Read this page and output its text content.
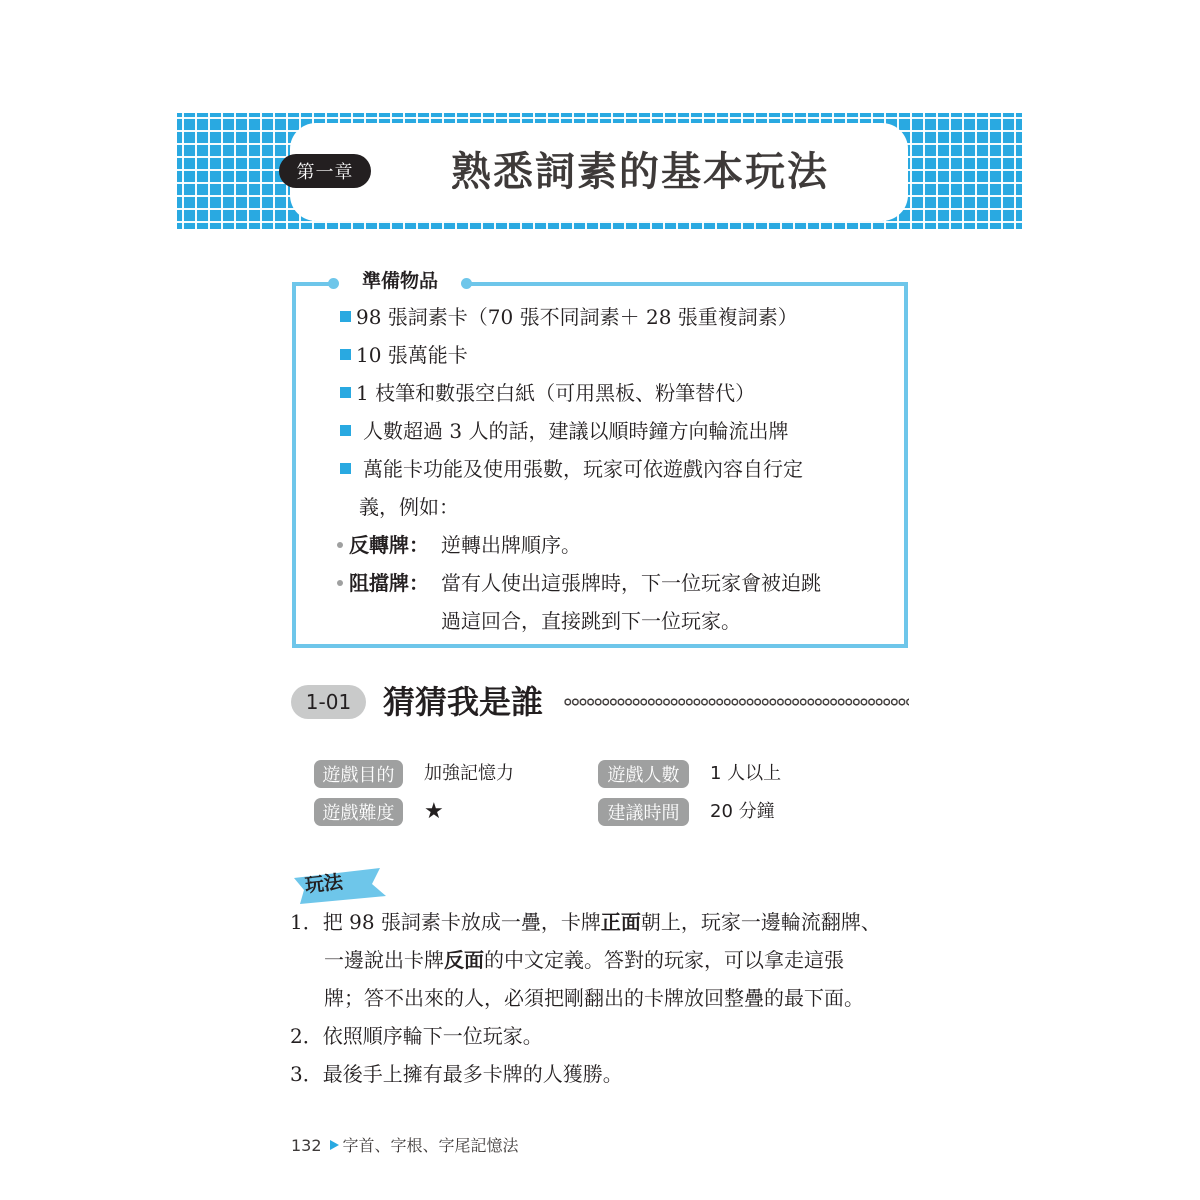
第一章	熟悉詞素的基本玩法
準備物品
98 張詞素卡（70 張不同詞素＋ 28 張重複詞素）
10 張萬能卡
1 枝筆和數張空白紙（可用黑板、粉筆替代）
人數超過 3 人的話，建議以順時鐘方向輪流出牌
萬能卡功能及使用張數，玩家可依遊戲內容自行定
義，例如：
反轉牌： 逆轉出牌順序。
阻擋牌： 當有人使出這張牌時，下一位玩家會被迫跳
過這回合，直接跳到下一位玩家。
1-01 猜猜我是誰
遊戲目的	加強記憶力	遊戲人數	1 人以上
遊戲難度	★	建議時間	20 分鐘
玩法
1．把 98 張詞素卡放成一疊，卡牌正面朝上，玩家一邊輪流翻牌、
一邊說出卡牌反面的中文定義。答對的玩家，可以拿走這張
牌；答不出來的人，必須把剛翻出的卡牌放回整疊的最下面。
2．依照順序輪下一位玩家。
3．最後手上擁有最多卡牌的人獲勝。
132 字首、字根、字尾記憶法
